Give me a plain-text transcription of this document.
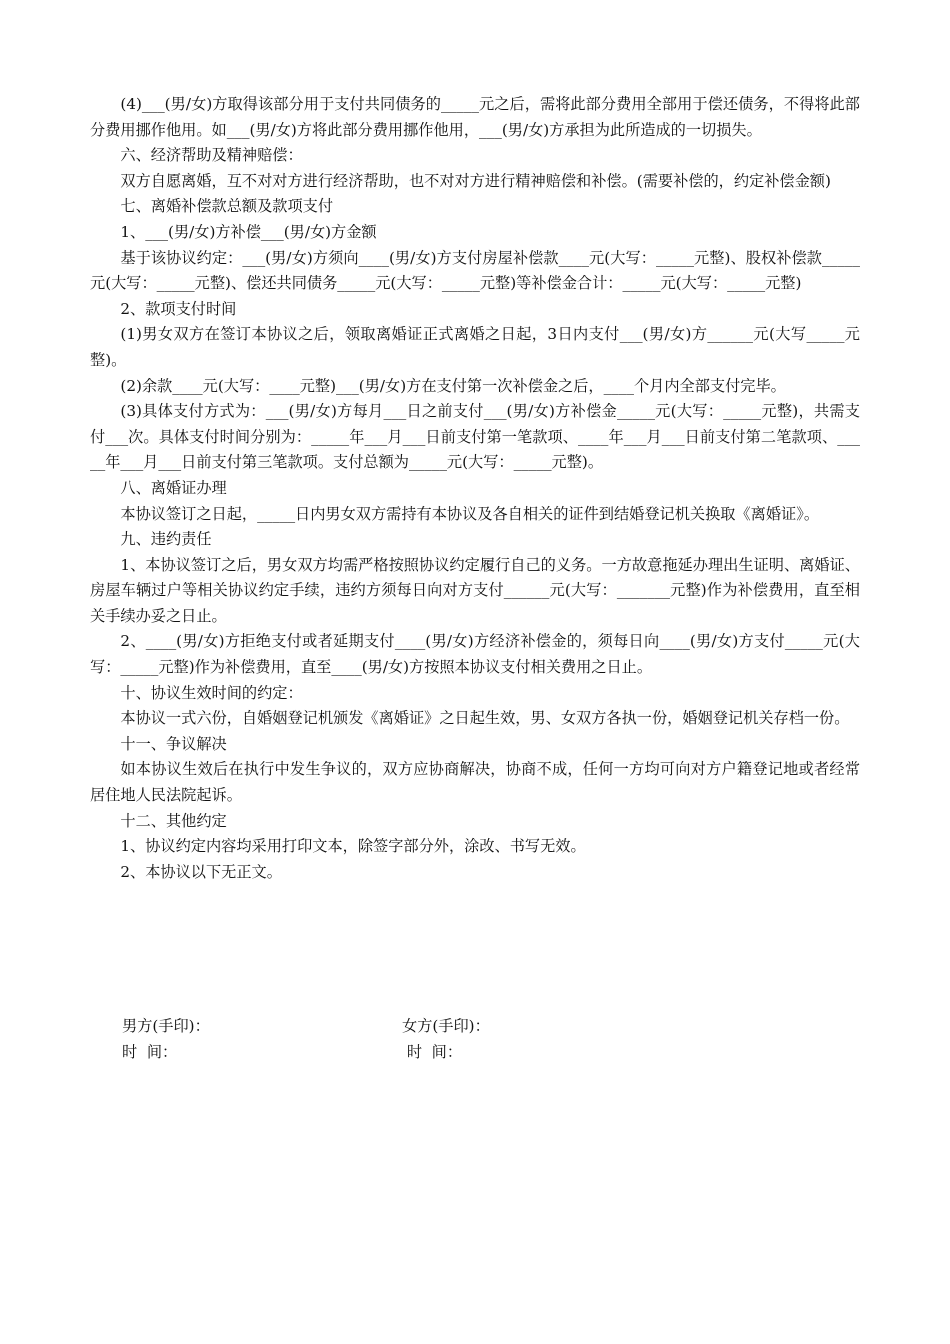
(4)___(男/女)方取得该部分用于支付共同债务的_____元之后，需将此部分费用全部用于偿还债务，不得将此部分费用挪作他用。如___(男/女)方将此部分费用挪作他用，___(男/女)方承担为此所造成的一切损失。

六、经济帮助及精神赔偿：

双方自愿离婚，互不对对方进行经济帮助，也不对对方进行精神赔偿和补偿。(需要补偿的，约定补偿金额)

七、离婚补偿款总额及款项支付

1、___(男/女)方补偿___(男/女)方金额

基于该协议约定：___(男/女)方须向____(男/女)方支付房屋补偿款____元(大写：_____元整)、股权补偿款_____元(大写：_____元整)、偿还共同债务_____元(大写：_____元整)等补偿金合计：_____元(大写：_____元整)

2、款项支付时间

(1)男女双方在签订本协议之后，领取离婚证正式离婚之日起，3日内支付___(男/女)方______元(大写_____元整)。

(2)余款____元(大写：____元整)___(男/女)方在支付第一次补偿金之后，____个月内全部支付完毕。

(3)具体支付方式为：___(男/女)方每月___日之前支付___(男/女)方补偿金_____元(大写：_____元整)，共需支付___次。具体支付时间分别为：_____年___月___日前支付第一笔款项、____年___月___日前支付第二笔款项、_____年___月___日前支付第三笔款项。支付总额为_____元(大写：_____元整)。

八、离婚证办理

本协议签订之日起，_____日内男女双方需持有本协议及各自相关的证件到结婚登记机关换取《离婚证》。

九、违约责任

1、本协议签订之后，男女双方均需严格按照协议约定履行自己的义务。一方故意拖延办理出生证明、离婚证、房屋车辆过户等相关协议约定手续，违约方须每日向对方支付______元(大写：_______元整)作为补偿费用，直至相关手续办妥之日止。

2、____(男/女)方拒绝支付或者延期支付____(男/女)方经济补偿金的，须每日向____(男/女)方支付_____元(大写：_____元整)作为补偿费用，直至____(男/女)方按照本协议支付相关费用之日止。

十、协议生效时间的约定：

本协议一式六份，自婚姻登记机颁发《离婚证》之日起生效，男、女双方各执一份，婚姻登记机关存档一份。

十一、争议解决

如本协议生效后在执行中发生争议的，双方应协商解决，协商不成，任何一方均可向对方户籍登记地或者经常居住地人民法院起诉。

十二、其他约定

1、协议约定内容均采用打印文本，除签字部分外，涂改、书写无效。

2、本协议以下无正文。

男方(手印)：	女方(手印)：
时  间：	时  间：
